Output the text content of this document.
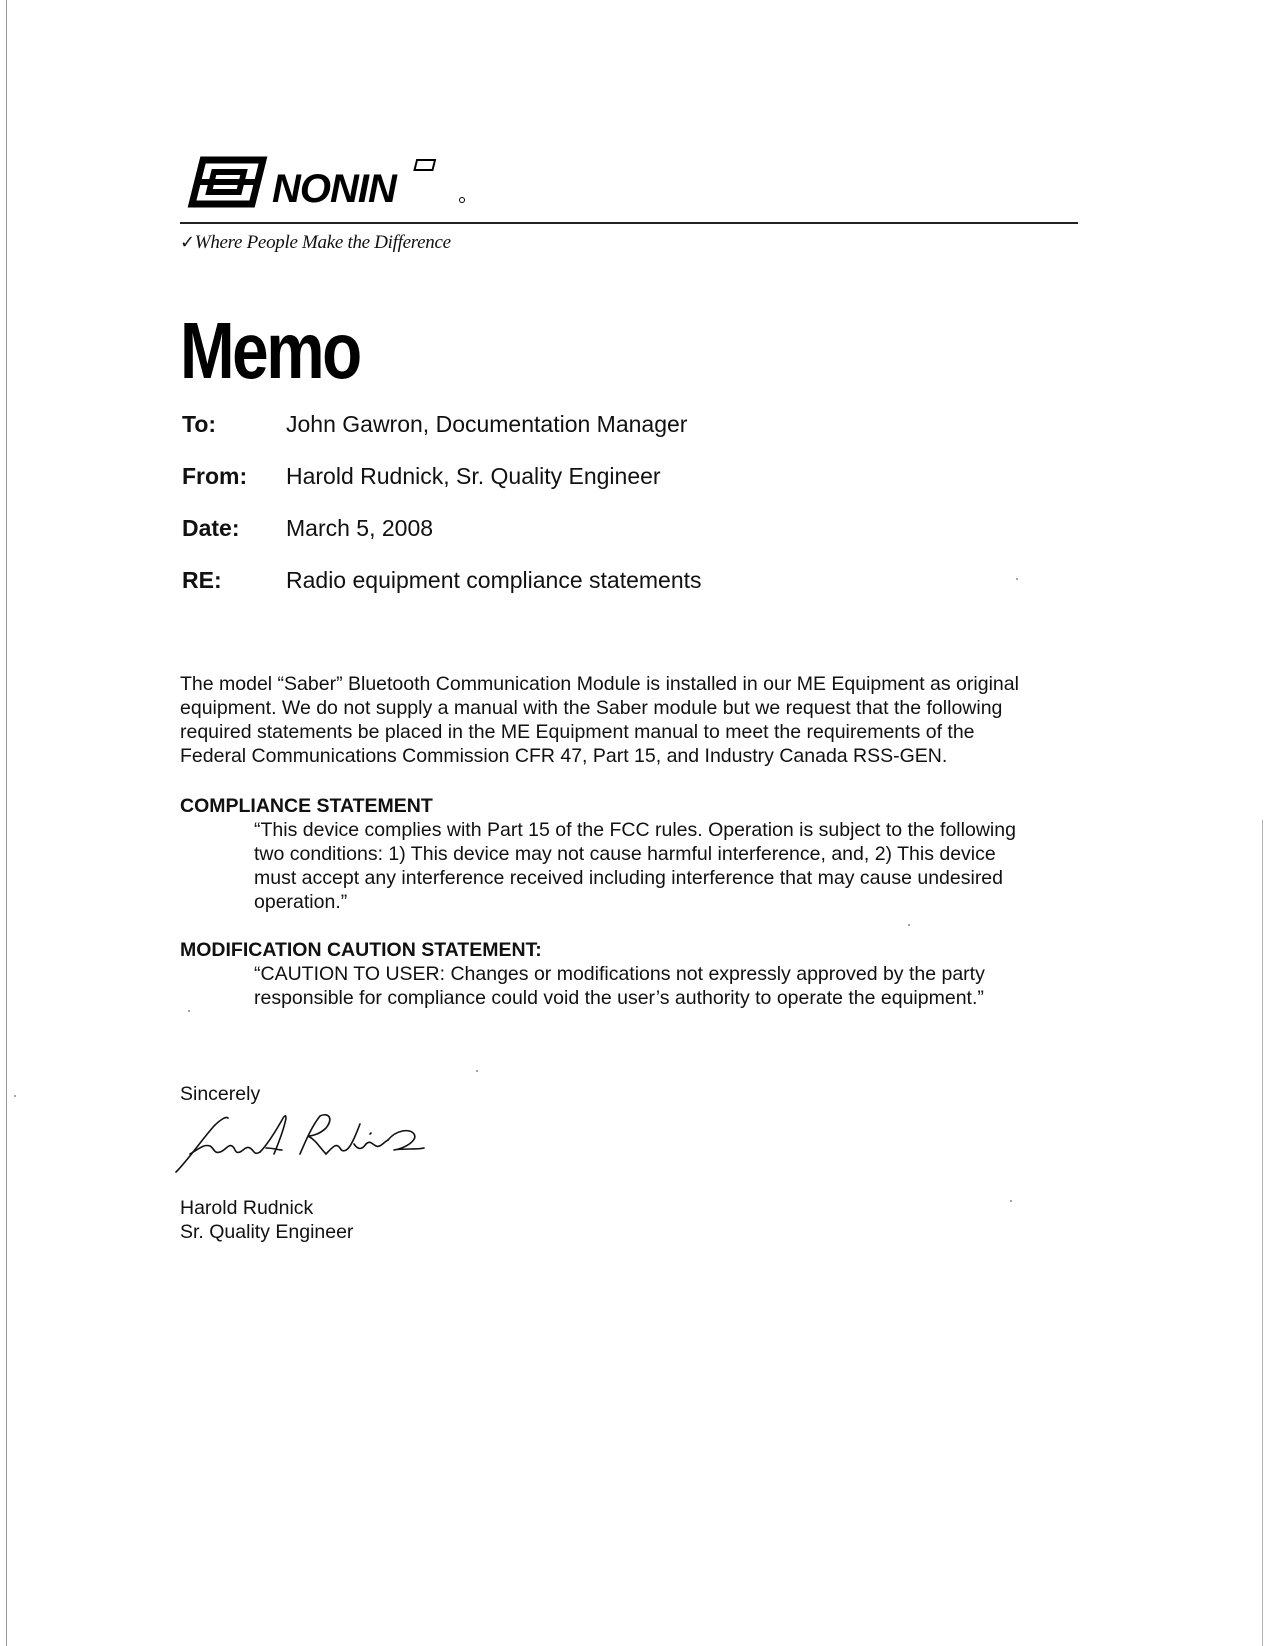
NONIN
✓Where People Make the Difference
Memo
To:	John Gawron, Documentation Manager
From: Harold Rudnick, Sr. Quality Engineer
Date: March 5, 2008
RE:	Radio equipment compliance statements
The model “Saber” Bluetooth Communication Module is installed in our ME Equipment as original
equipment. We do not supply a manual with the Saber module but we request that the following
required statements be placed in the ME Equipment manual to meet the requirements of the
Federal Communications Commission CFR 47, Part 15, and Industry Canada RSS-GEN.
COMPLIANCE STATEMENT
“This device complies with Part 15 of the FCC rules. Operation is subject to the following
two conditions: 1) This device may not cause harmful interference, and, 2) This device
must accept any interference received including interference that may cause undesired
operation.”
MODIFICATION CAUTION STATEMENT:
“CAUTION TO USER: Changes or modifications not expressly approved by the party
responsible for compliance could void the user’s authority to operate the equipment.”
Sincerely
Harold Rudnick
Sr. Quality Engineer
